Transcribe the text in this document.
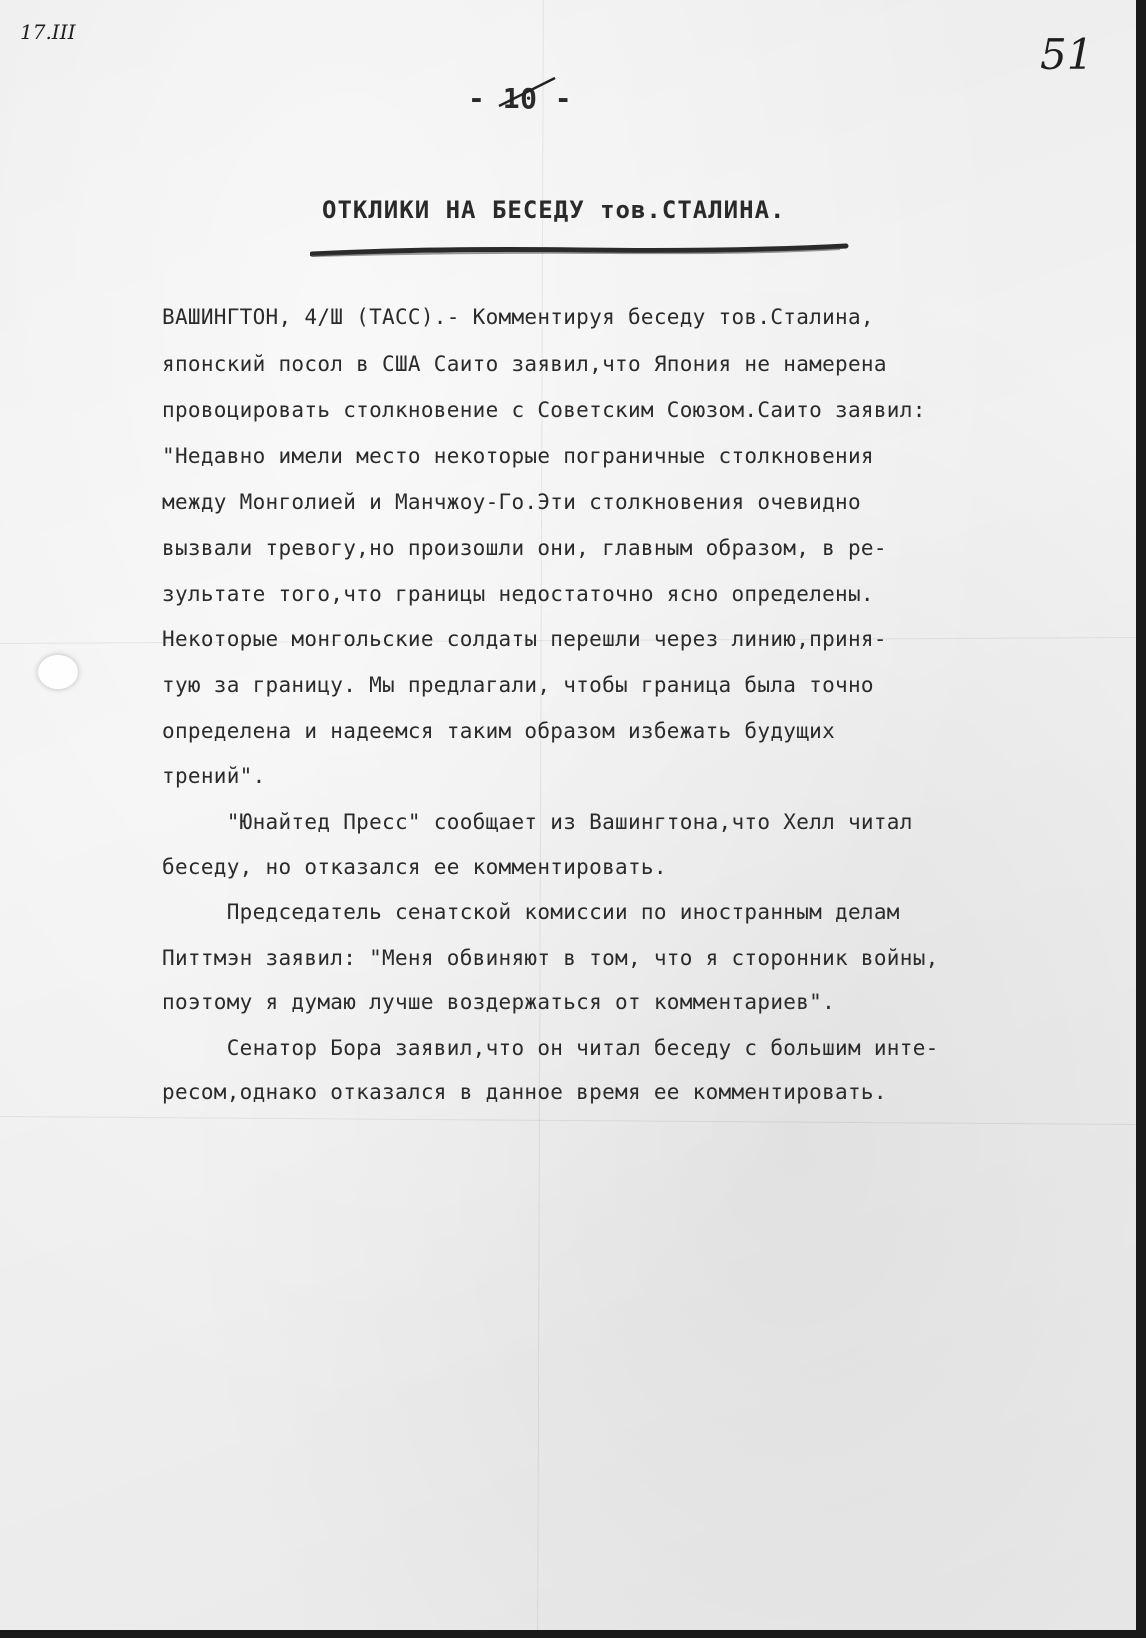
17.III	51
- 10 -
ОТКЛИКИ НА БЕСЕДУ тов.СТАЛИНА.
ВАШИНГТОН, 4/Ш (ТАСС).- Комментируя беседу тов.Сталина,
японский посол в США Саито заявил,что Япония не намерена
провоцировать столкновение с Советским Союзом.Саито заявил:
"Недавно имели место некоторые пограничные столкновения
между Монголией и Манчжоу-Го.Эти столкновения очевидно
вызвали тревогу,но произошли они, главным образом, в ре-
зультате того,что границы недостаточно ясно определены.
Некоторые монгольские солдаты перешли через линию,приня-
тую за границу. Мы предлагали, чтобы граница была точно
определена и надеемся таким образом избежать будущих
трений".
"Юнайтед Пресс" сообщает из Вашингтона,что Хелл читал
беседу, но отказался ее комментировать.
Председатель сенатской комиссии по иностранным делам
Питтмэн заявил: "Меня обвиняют в том, что я сторонник войны,
поэтому я думаю лучше воздержаться от комментариев".
Сенатор Бора заявил,что он читал беседу с большим инте-
ресом,однако отказался в данное время ее комментировать.
